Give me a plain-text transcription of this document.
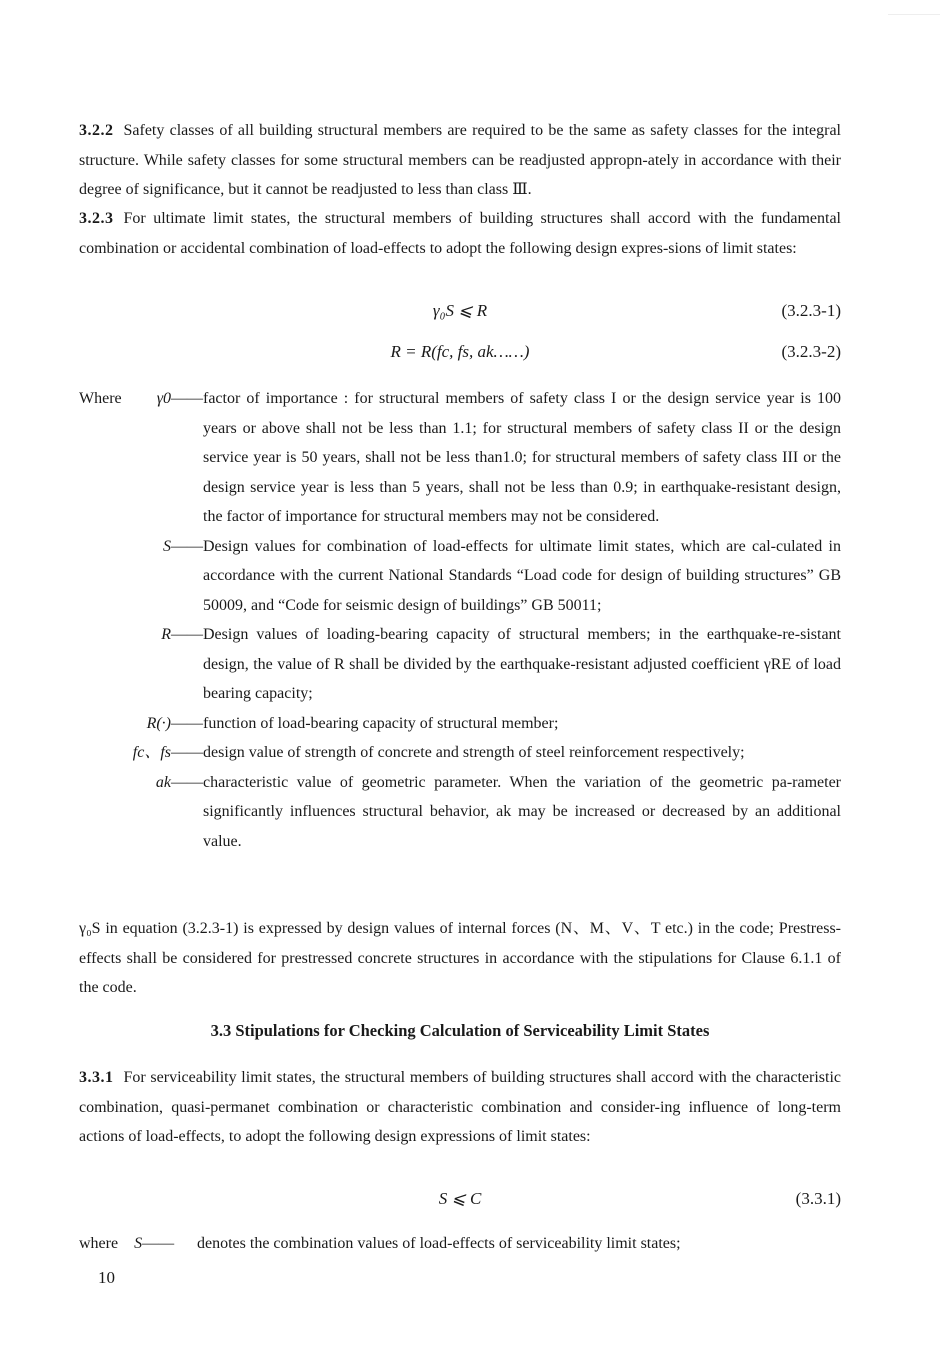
3.2.2 Safety classes of all building structural members are required to be the same as safety classes for the integral structure. While safety classes for some structural members can be readjusted appropn-ately in accordance with their degree of significance, but it cannot be readjusted to less than class Ⅲ.

3.2.3 For ultimate limit states, the structural members of building structures shall accord with the fundamental combination or accidental combination of load-effects to adopt the following design expres-sions of limit states:

γ₀S ⩽ R	(3.2.3-1)
R = R(fc, fs, ak……)	(3.2.3-2)
Where γ0—— factor of importance : for structural members of safety class I or the design service year is 100 years or above shall not be less than 1.1; for structural members of safety class II or the design service year is 50 years, shall not be less than1.0; for structural members of safety class III or the design service year is less than 5 years, shall not be less than 0.9; in earthquake-resistant design, the factor of importance for structural members may not be considered.
S—— Design values for combination of load-effects for ultimate limit states, which are cal-culated in accordance with the current National Standards “Load code for design of building structures” GB 50009, and “Code for seismic design of buildings” GB 50011;
R—— Design values of loading-bearing capacity of structural members; in the earthquake-re-sistant design, the value of R shall be divided by the earthquake-resistant adjusted coefficient γRE of load bearing capacity;
R(·)—— function of load-bearing capacity of structural member;
fc、fs—— design value of strength of concrete and strength of steel reinforcement respectively;
ak—— characteristic value of geometric parameter. When the variation of the geometric pa-rameter significantly influences structural behavior, ak may be increased or decreased by an additional value.

γ₀S in equation (3.2.3-1) is expressed by design values of internal forces (N、M、V、T etc.) in the code; Prestress-effects shall be considered for prestressed concrete structures in accordance with the stipulations for Clause 6.1.1 of the code.

3.3 Stipulations for Checking Calculation of Serviceability Limit States

3.3.1 For serviceability limit states, the structural members of building structures shall accord with the characteristic combination, quasi-permanet combination or characteristic combination and consider-ing influence of long-term actions of load-effects, to adopt the following design expressions of limit states:

S ⩽ C	(3.3.1)
where S——	denotes the combination values of load-effects of serviceability limit states;
10
